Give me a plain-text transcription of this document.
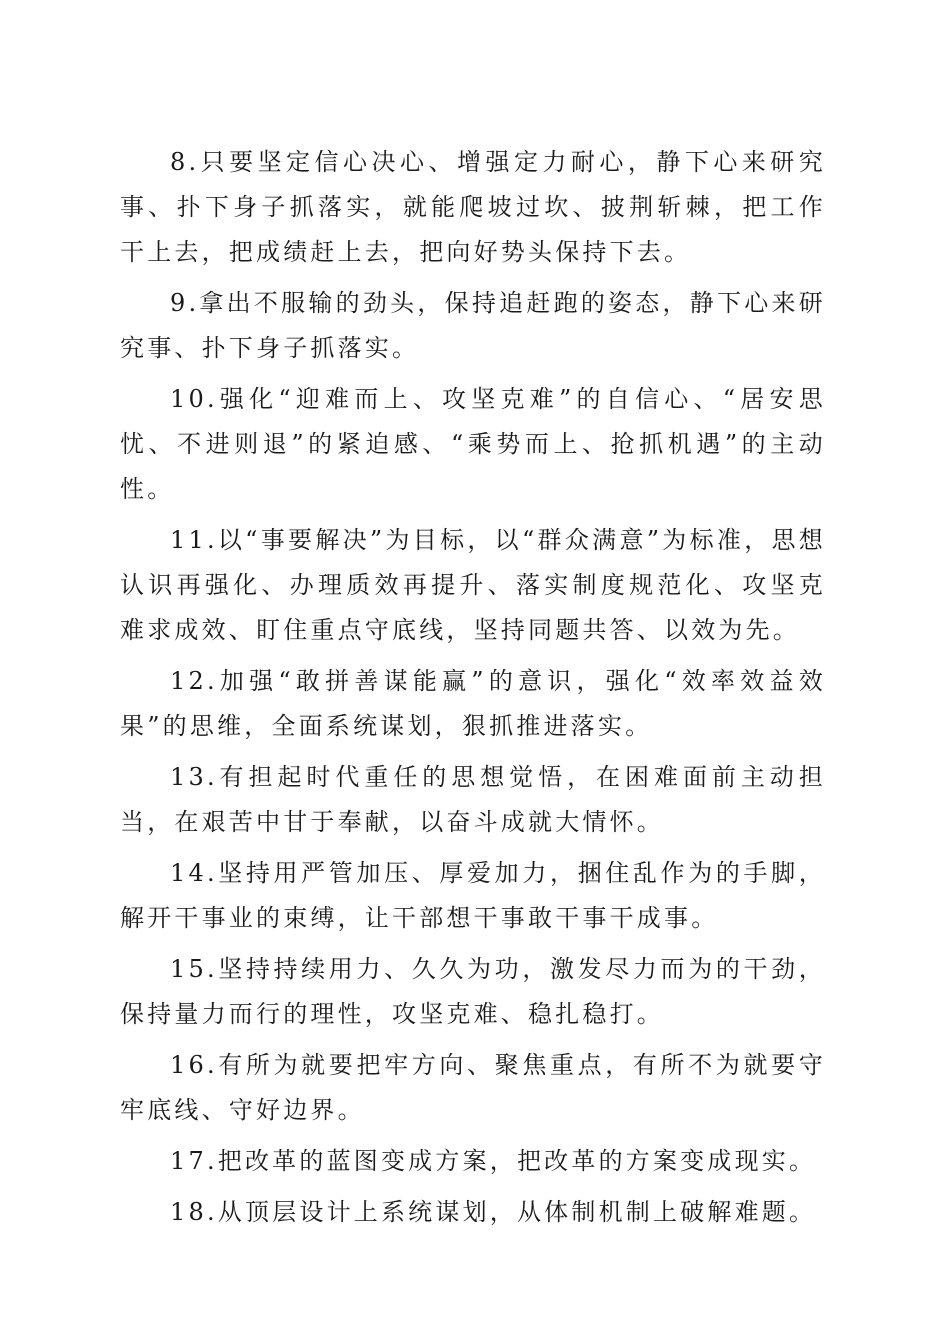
8.只要坚定信心决心、增强定力耐心，静下心来研究事、扑下身子抓落实，就能爬坡过坎、披荆斩棘，把工作干上去，把成绩赶上去，把向好势头保持下去。

9.拿出不服输的劲头，保持追赶跑的姿态，静下心来研究事、扑下身子抓落实。

10.强化“迎难而上、攻坚克难”的自信心、“居安思忧、不进则退”的紧迫感、“乘势而上、抢抓机遇”的主动性。

11.以“事要解决”为目标，以“群众满意”为标准，思想认识再强化、办理质效再提升、落实制度规范化、攻坚克难求成效、盯住重点守底线，坚持同题共答、以效为先。

12.加强“敢拼善谋能赢”的意识，强化“效率效益效果”的思维，全面系统谋划，狠抓推进落实。

13.有担起时代重任的思想觉悟，在困难面前主动担当，在艰苦中甘于奉献，以奋斗成就大情怀。

14.坚持用严管加压、厚爱加力，捆住乱作为的手脚，解开干事业的束缚，让干部想干事敢干事干成事。

15.坚持持续用力、久久为功，激发尽力而为的干劲，保持量力而行的理性，攻坚克难、稳扎稳打。

16.有所为就要把牢方向、聚焦重点，有所不为就要守牢底线、守好边界。

17.把改革的蓝图变成方案，把改革的方案变成现实。

18.从顶层设计上系统谋划，从体制机制上破解难题。
